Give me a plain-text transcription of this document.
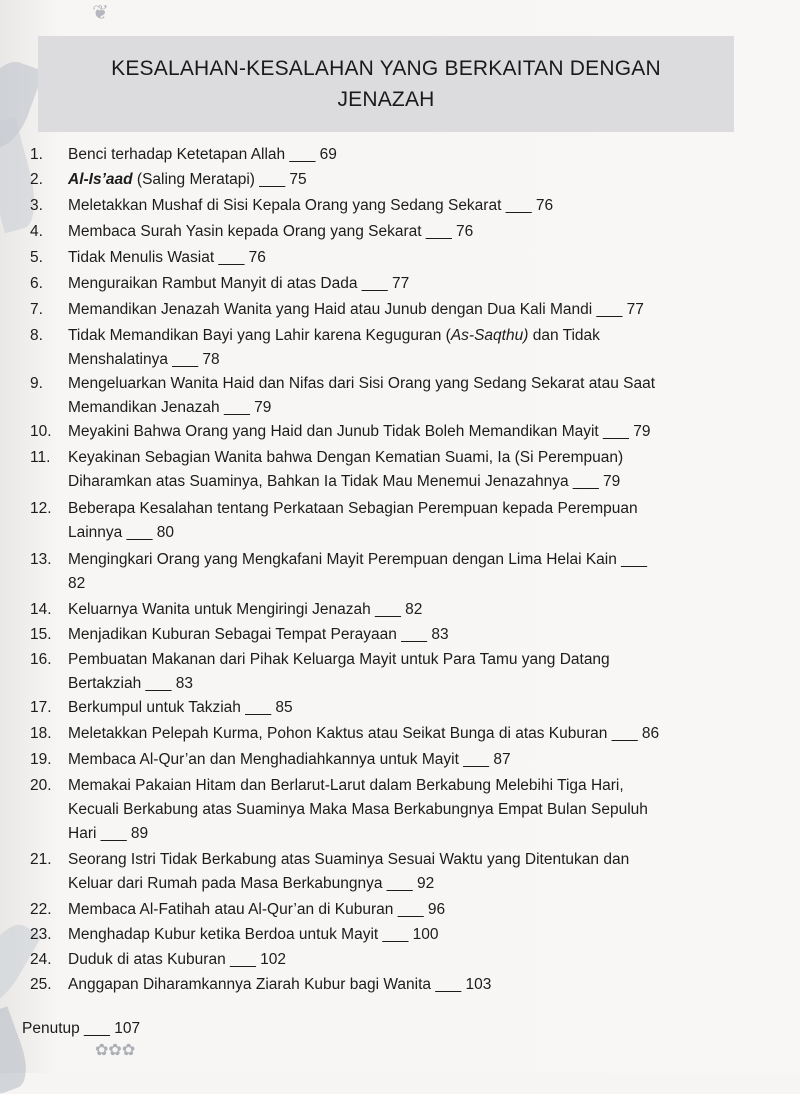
❦
✿✿✿
KESALAHAN-KESALAHAN YANG BERKAITAN DENGAN
JENAZAH
1.	Benci terhadap Ketetapan Allah ___ 69
2.	Al-Is’aad (Saling Meratapi) ___ 75
3.	Meletakkan Mushaf di Sisi Kepala Orang yang Sedang Sekarat ___ 76
4.	Membaca Surah Yasin kepada Orang yang Sekarat ___ 76
5.	Tidak Menulis Wasiat ___ 76
6.	Menguraikan Rambut Manyit di atas Dada ___ 77
7.	Memandikan Jenazah Wanita yang Haid atau Junub dengan Dua Kali Mandi ___ 77
8.	Tidak Memandikan Bayi yang Lahir karena Keguguran (As-Saqthu) dan Tidak
Menshalatinya ___ 78
9.	Mengeluarkan Wanita Haid dan Nifas dari Sisi Orang yang Sedang Sekarat atau Saat
Memandikan Jenazah ___ 79
10.	Meyakini Bahwa Orang yang Haid dan Junub Tidak Boleh Memandikan Mayit ___ 79
11.	Keyakinan Sebagian Wanita bahwa Dengan Kematian Suami, Ia (Si Perempuan)
Diharamkan atas Suaminya, Bahkan Ia Tidak Mau Menemui Jenazahnya ___ 79
12.	Beberapa Kesalahan tentang Perkataan Sebagian Perempuan kepada Perempuan
Lainnya ___ 80
13.	Mengingkari Orang yang Mengkafani Mayit Perempuan dengan Lima Helai Kain ___
82
14.	Keluarnya Wanita untuk Mengiringi Jenazah ___ 82
15.	Menjadikan Kuburan Sebagai Tempat Perayaan ___ 83
16.	Pembuatan Makanan dari Pihak Keluarga Mayit untuk Para Tamu yang Datang
Bertakziah ___ 83
17.	Berkumpul untuk Takziah ___ 85
18.	Meletakkan Pelepah Kurma, Pohon Kaktus atau Seikat Bunga di atas Kuburan ___ 86
19.	Membaca Al-Qur’an dan Menghadiahkannya untuk Mayit ___ 87
20.	Memakai Pakaian Hitam dan Berlarut-Larut dalam Berkabung Melebihi Tiga Hari,
Kecuali Berkabung atas Suaminya Maka Masa Berkabungnya Empat Bulan Sepuluh
Hari ___ 89
21.	Seorang Istri Tidak Berkabung atas Suaminya Sesuai Waktu yang Ditentukan dan
Keluar dari Rumah pada Masa Berkabungnya ___ 92
22.	Membaca Al-Fatihah atau Al-Qur’an di Kuburan ___ 96
23.	Menghadap Kubur ketika Berdoa untuk Mayit ___ 100
24.	Duduk di atas Kuburan ___ 102
25.	Anggapan Diharamkannya Ziarah Kubur bagi Wanita ___ 103
Penutup ___ 107
